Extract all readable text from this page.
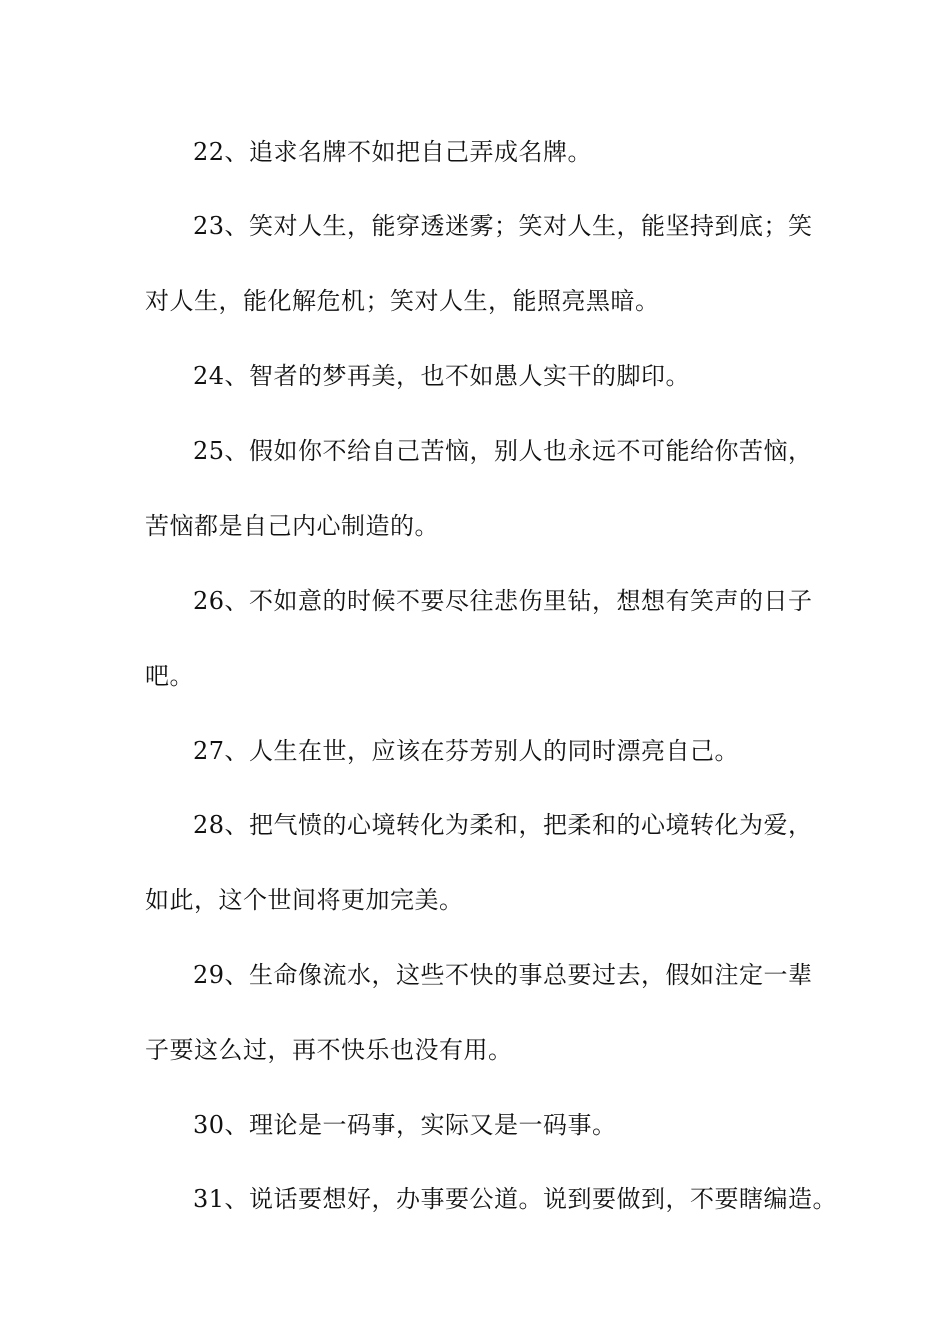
22、追求名牌不如把自己弄成名牌。
23、笑对人生，能穿透迷雾；笑对人生，能坚持到底；笑
对人生，能化解危机；笑对人生，能照亮黑暗。
24、智者的梦再美，也不如愚人实干的脚印。
25、假如你不给自己苦恼，别人也永远不可能给你苦恼，
苦恼都是自己内心制造的。
26、不如意的时候不要尽往悲伤里钻，想想有笑声的日子
吧。
27、人生在世，应该在芬芳别人的同时漂亮自己。
28、把气愤的心境转化为柔和，把柔和的心境转化为爱，
如此，这个世间将更加完美。
29、生命像流水，这些不快的事总要过去，假如注定一辈
子要这么过，再不快乐也没有用。
30、理论是一码事，实际又是一码事。
31、说话要想好，办事要公道。说到要做到，不要瞎编造。
